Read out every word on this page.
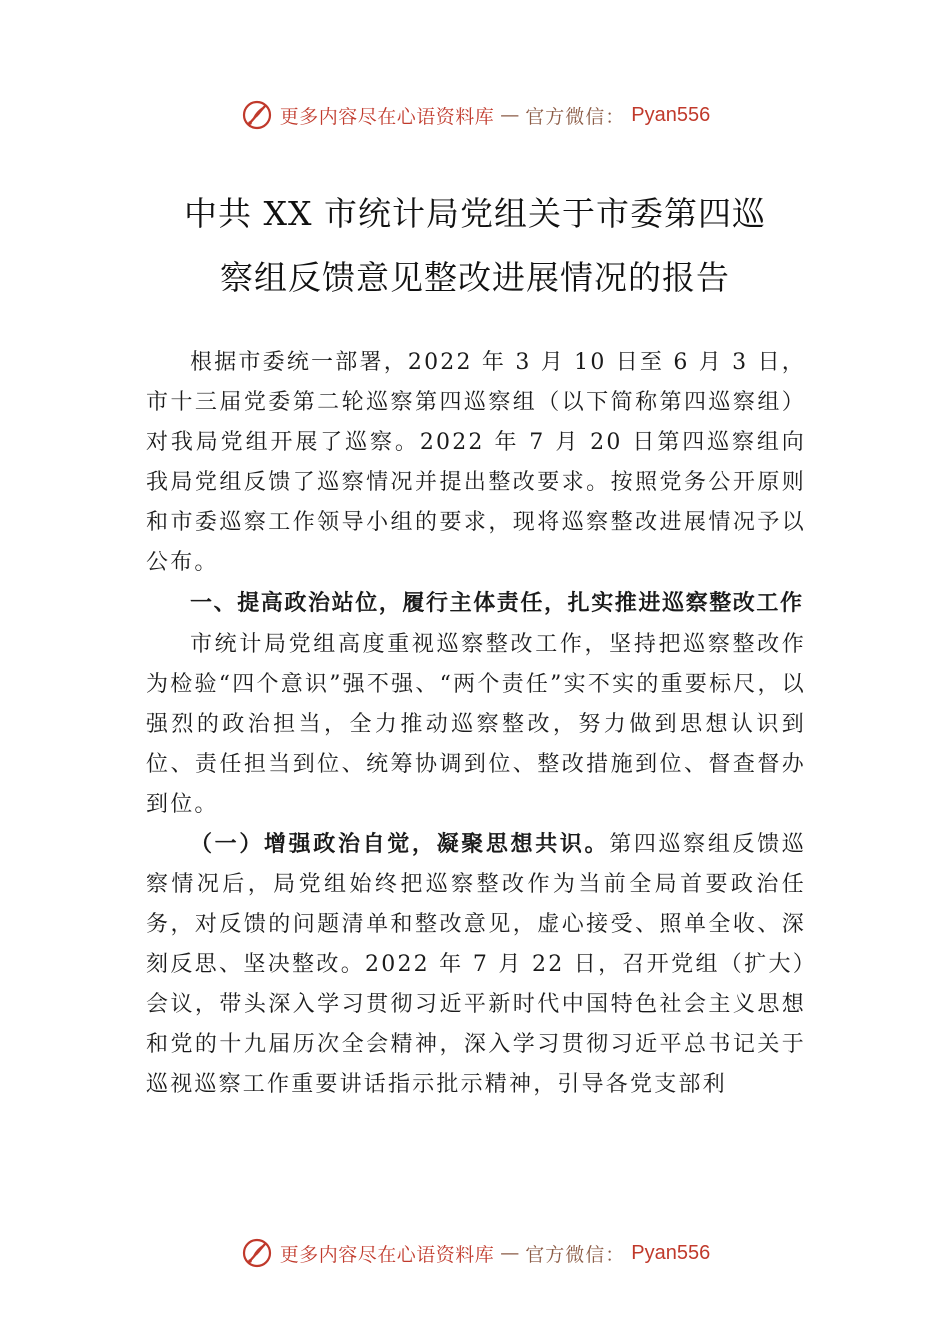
更多内容尽在心语资料库 — 官方微信： Pyan556
中共 XX 市统计局党组关于市委第四巡
察组反馈意见整改进展情况的报告

根据市委统一部署，2022 年 3 月 10 日至 6 月 3 日，市十三届党委第二轮巡察第四巡察组（以下简称第四巡察组）对我局党组开展了巡察。2022 年 7 月 20 日第四巡察组向我局党组反馈了巡察情况并提出整改要求。按照党务公开原则和市委巡察工作领导小组的要求，现将巡察整改进展情况予以公布。

一、提高政治站位，履行主体责任，扎实推进巡察整改工作

市统计局党组高度重视巡察整改工作，坚持把巡察整改作为检验“四个意识”强不强、“两个责任”实不实的重要标尺，以强烈的政治担当，全力推动巡察整改，努力做到思想认识到位、责任担当到位、统筹协调到位、整改措施到位、督查督办到位。

（一）增强政治自觉，凝聚思想共识。第四巡察组反馈巡察情况后，局党组始终把巡察整改作为当前全局首要政治任务，对反馈的问题清单和整改意见，虚心接受、照单全收、深刻反思、坚决整改。2022 年 7 月 22 日，召开党组（扩大）会议，带头深入学习贯彻习近平新时代中国特色社会主义思想和党的十九届历次全会精神，深入学习贯彻习近平总书记关于巡视巡察工作重要讲话指示批示精神，引导各党支部利

更多内容尽在心语资料库 — 官方微信： Pyan556
